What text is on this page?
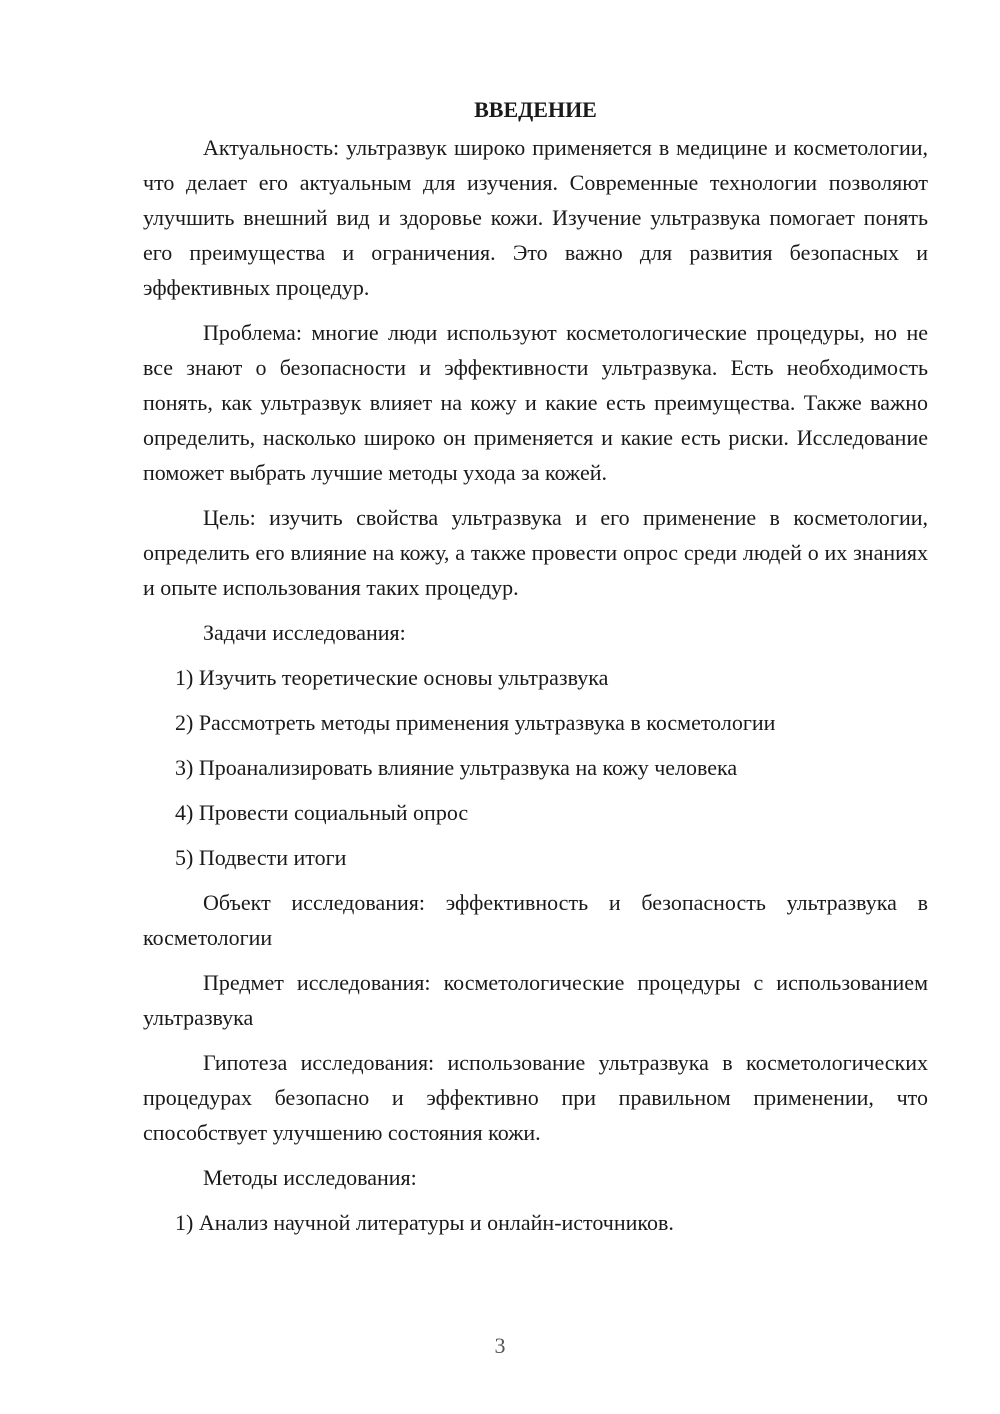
ВВЕДЕНИЕ

Актуальность: ультразвук широко применяется в медицине и косметологии, что делает его актуальным для изучения. Современные технологии позволяют улучшить внешний вид и здоровье кожи. Изучение ультразвука помогает понять его преимущества и ограничения. Это важно для развития безопасных и эффективных процедур.

Проблема: многие люди используют косметологические процедуры, но не все знают о безопасности и эффективности ультразвука. Есть необходимость понять, как ультразвук влияет на кожу и какие есть преимущества. Также важно определить, насколько широко он применяется и какие есть риски. Исследование поможет выбрать лучшие методы ухода за кожей.

Цель: изучить свойства ультразвука и его применение в косметологии, определить его влияние на кожу, а также провести опрос среди людей о их знаниях и опыте использования таких процедур.

Задачи исследования:

1) Изучить теоретические основы ультразвука

2) Рассмотреть методы применения ультразвука в косметологии

3) Проанализировать влияние ультразвука на кожу человека

4) Провести социальный опрос

5) Подвести итоги

Объект исследования: эффективность и безопасность ультразвука в косметологии

Предмет исследования: косметологические процедуры с использованием ультразвука

Гипотеза исследования: использование ультразвука в косметологических процедурах безопасно и эффективно при правильном применении, что способствует улучшению состояния кожи.

Методы исследования:

1) Анализ научной литературы и онлайн-источников.

3
